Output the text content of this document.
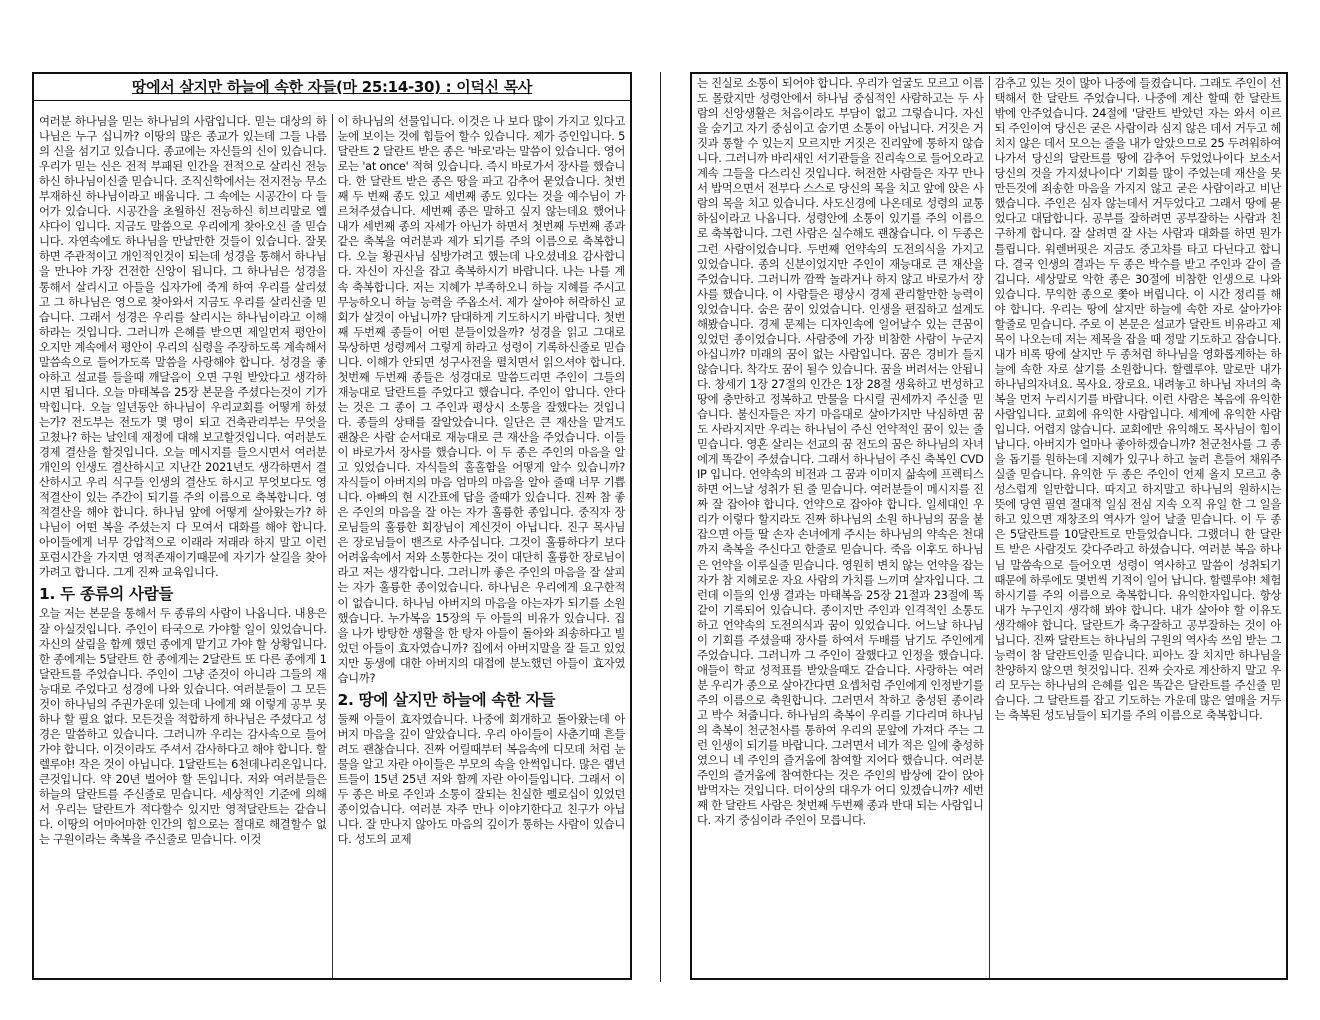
땅에서 살지만 하늘에 속한 자들(마 25:14-30) : 이덕신 목사

여러분 하나님을 믿는 하나님의 사람입니다. 믿는 대상의 하나님은 누구 십니까? 이땅의 많은 종교가 있는데 그들 나름의 신을 섬기고 있습니다. 종교에는 자신들의 신이 있습니다. 우리가 믿는 신은 전적 부패된 인간을 전적으로 살리신 전능하신 하나님이신줄 믿습니다. 조직신학에서는 전지전능 무소부재하신 하나님이라고 배웁니다. 그 속에는 시공간이 다 들어가 있습니다. 시공간을 초월하신 전능하신 히브리말로 엘샤다이 입니다. 지금도 말씀으로 우리에게 찾아오신 줄 믿습니다. 자연속에도 하나님을 만날만한 것들이 있습니다. 잘못하면 주관적이고 개인적인것이 되는데 성경을 통해서 하나님을 만나야 가장 건전한 신앙이 됩니다. 그 하나님은 성경을 통해서 살리시고 아들을 십자가에 죽게 하여 우리를 살리셨고 그 하나님은 영으로 찾아와서 지금도 우리를 살리신줄 믿습니다. 그래서 성경은 우리를 살리시는 하나님이라고 이해하라는 것입니다. 그러니까 은혜를 받으면 제일먼저 평안이 오지만 계속에서 평안이 우리의 심령을 주장하도록 계속해서 말씀속으로 들어가도록 말씀을 사랑해야 합니다. 성경을 좋아하고 설교를 들을때 깨달음이 오면 구원 받았다고 생각하시면 됩니다. 오늘 마태복음 25장 본문을 주셨다는것이 기가 막힙니다. 오늘 일년동안 하나님이 우리교회를 어떻게 하셨는가? 전도부는 전도가 몇 명이 되고 건축관리부는 무엇을 고쳤나? 하는 날인데 재정에 대해 보고할것입니다. 여러분도 경제 결산을 할것입니다. 오늘 메시지를 들으시면서 여러분 개인의 인생도 결산하시고 지난간 2021년도 생각하면서 결산하시고 우리 식구들 인생의 결산도 하시고 무엇보다도 영적결산이 있는 주간이 되기를 주의 이름으로 축복합니다. 영적결산을 해야 합니다. 하나님 앞에 어떻게 살아왔는가? 하나님이 어떤 복을 주셨는지 다 모여서 대화를 해야 합니다. 아이들에게 너무 강압적으로 이래라 저래라 하지 말고 이런 포럼시간을 가지면 영적존재이기때문에 자기가 살길을 찾아가려고 합니다. 그게 진짜 교육입니다.

1. 두 종류의 사람들

오늘 저는 본문을 통해서 두 종류의 사람이 나옵니다. 내용은 잘 아실것입니다. 주인이 타국으로 가야할 일이 있었습니다. 자신의 살림을 함께 했던 종에게 맡기고 가야 할 상황입니다. 한 종에게는 5달란트 한 종에게는 2달란트 또 다른 종에게 1달란트를 주었습니다. 주인이 그냥 준것이 아니라 그들의 재능대로 주었다고 성경에 나와 있습니다. 여러분들이 그 모든것이 하나님의 주권가운데 있는데 나에게 왜 이렇게 공부 못하나 할 필요 없다. 모든것을 적합하게 하나님은 주셨다고 성경은 말씀하고 있습니다. 그러니까 우리는 감사속으로 들어가야 합니다. 이것이라도 주셔서 감사하다고 해야 합니다. 할렐루야! 작은 것이 아닙니다. 1달란트는 6천데나리온입니다. 큰것입니다. 약 20년 벌어야 할 돈입니다. 저와 여러분들은 하늘의 달란트를 주신줄로 믿습니다. 세상적인 기준에 의해서 우리는 달란트가 적다할수 있지만 영적달란트는 같습니다. 이땅의 어마어마한 인간의 힘으로는 절대로 해결할수 없는 구원이라는 축복을 주신줄로 믿습니다. 이것

이 하나님의 선물입니다. 이것은 나 보다 많이 가지고 있다고 눈에 보이는 것에 힘들어 할수 있습니다. 제가 증인입니다. 5달란트 2 달란트 받은 종은 '바로'라는 말씀이 있습니다. 영어로는 'at once' 적혀 있습니다. 즉시 바로가서 장사를 했습니다. 한 달란트 받은 종은 땅을 파고 감추어 묻었습니다. 첫번째 두 번째 종도 있고 세번째 종도 있다는 것을 예수님이 가르쳐주셨습니다. 세번째 종은 말하고 싶지 않는데요 했어나 내가 세번째 종의 자세가 아닌가 하면서 첫번째 두번째 종과 같은 축복을 여러분과 제가 되기를 주의 이름으로 축복합니다. 오늘 황권사님 심방가려고 했는데 나오셨네요 감사합니다. 자신이 자신을 잡고 축복하시기 바랍니다. 나는 나를 계속 축복합니다. 저는 지혜가 부족하오니 하늘 지혜를 주시고 무능하오니 하늘 능력을 주옵소서. 제가 살아야 허락하신 교회가 살것이 아닙니까? 담대하게 기도하시기 바랍니다. 첫번째 두번째 종들이 어떤 분들이었을까? 성경을 읽고 그대로 묵상하면 성령께서 그렇게 하라고 성령이 기록하신줄로 믿습니다. 이해가 안되면 성구사전을 펼치면서 읽으셔야 합니다. 첫번째 두번째 종들은 성경대로 말씀드리면 주인이 그들의 재능대로 달란트를 주었다고 했습니다. 주인이 압니다. 안다는 것은 그 종이 그 주인과 평상시 소통을 잘했다는 것입니다. 종들의 상태를 잘알았습니다. 일단은 큰 재산을 맡겨도 괜찮은 사람 순서대로 재능대로 큰 재산을 주었습니다. 이들이 바로가서 장사를 했습니다. 이 두 종은 주인의 마음을 알고 있었습니다. 자식들의 홀홀함을 어떻게 알수 있습니까? 자식들이 아버지의 마음 엄마의 마음을 알아 줄때 너무 기쁩니다. 아빠의 현 시간표에 답을 줄때가 있습니다. 진짜 참 좋은 주인의 마음을 잘 아는 자가 훌륭한 종입니다. 중직자 장로님들의 훌륭한 회장님이 계신것이 아닙니다. 진구 목사님은 장로님들이 밴즈로 사주십니다. 그것이 훌륭하다기 보다 어려움속에서 저와 소통한다는 것이 대단히 훌륭한 장로님이라고 저는 생각합니다. 그러니까 좋은 주인의 마음을 잘 살피는 자가 훌륭한 종이었습니다. 하나님은 우리에게 요구한적이 없습니다. 하나님 아버지의 마음을 아는자가 되기를 소원했습니다. 누가복음 15장의 두 아들의 비유가 있습니다. 집을 나가 방탕한 생활을 한 탕자 아들이 돌아와 죄송하다고 빌었던 아들이 효자였습니까? 집에서 아버지말을 잘 듣고 있었지만 동생에 대한 아버지의 대접에 분노했던 아들이 효자였습니까?

2. 땅에 살지만 하늘에 속한 자들

둘째 아들이 효자였습니다. 나중에 회개하고 돌아왔는데 아버지 마음을 깊이 알았습니다. 우리 아이들이 사춘기때 흔들려도 괜찮습니다. 진짜 어릴때부터 복음속에 디모데 처럼 눈물을 알고 자란 아이들은 부모의 속을 안썩입니다. 많은 랩넌트들이 15년 25년 저와 함께 자란 아이들입니다. 그래서 이 두 종은 바로 주인과 소통이 잘되는 친실한 펠로십이 있었던 종이었습니다. 여러분 자주 만나 이야기한다고 친구가 아닙니다. 잘 만나지 않아도 마음의 깊이가 통하는 사람이 있습니다. 성도의 교제

는 진실로 소통이 되어야 합니다. 우리가 얼굴도 모르고 이름도 몰랐지만 성령안에서 하나님 중심적인 사람하고는 두 사람의 신앙생활은 처음이라도 부담이 없고 그렇습니다. 자신을 숨기고 자기 중심이고 숨기면 소통이 아닙니다. 거짓은 거짓과 통할 수 있는지 모르지만 거짓은 진리앞에 통하지 않습니다. 그러니까 바리새인 서기관들을 진리속으로 들어오라고 계속 그들을 다스리신 것입니다. 허전한 사람들은 자꾸 만나서 밥먹으면서 전부다 스스로 당신의 목을 치고 앞에 앉은 사람의 목을 치고 있습니다. 사도신경에 나온데로 성령의 교통하심이라고 나옵니다. 성령안에 소통이 있기를 주의 이름으로 축복합니다. 그런 사람은 실수해도 괜찮습니다. 이 두종은 그런 사람이었습니다. 두번째 언약속의 도전의식을 가지고 있었습니다. 종의 신분이었지만 주인이 재능대로 큰 재산을 주었습니다. 그러니까 깜짝 놀라거나 하지 않고 바로가서 장사를 했습니다. 이 사람들은 평상시 경제 관리할만한 능력이 있었습니다. 숨은 꿈이 있었습니다. 인생을 편집하고 설계도 해봤습니다. 경제 문제는 디자인속에 일어날수 있는 큰꿈이 있었던 종이었습니다. 사람중에 가장 비참한 사람이 누군지 아십니까? 미래의 꿈이 없는 사람입니다. 꿈은 경비가 들지 않습니다. 착각도 꿈이 될수 있습니다. 꿈을 버려서는 안됩니다. 창세기 1장 27절의 인간은 1장 28절 생육하고 번성하고 땅에 충만하고 정복하고 만물을 다시릴 권세까지 주신줄 믿습니다. 불신자들은 자기 마음대로 살아가지만 낙심하면 꿈도 사라지지만 우리는 하나님이 주신 언약적인 꿈이 있는 줄 믿습니다. 영혼 살리는 선교의 꿈 전도의 꿈은 하나님의 자녀에게 똑같이 주셨습니다. 그래서 하나님이 주신 축복인 CVDIP 입니다. 언약속의 비전과 그 꿈과 이미지 삶속에 프렉티스하면 어느날 성취가 된 줄 믿습니다. 여러분들이 메시지를 진짜 잘 잡아야 합니다. 언약으로 잡아야 합니다. 일세대인 우리가 이렇다 할지라도 진짜 하나님의 소원 하나님의 꿈을 붙잡으면 아들 딸 손자 손녀에게 주시는 하나님의 약속은 천대까지 축복을 주신다고 한줄로 믿습니다. 죽음 이후도 하나님은 언약을 이루실줄 믿습니다. 영원히 변치 않는 언약을 잡는 자가 참 지혜로운 자요 사람의 가치를 느끼며 살자입니다. 그런데 이들의 인생 결과는 마태복음 25장 21절과 23절에 똑 같이 기록되어 있습니다. 종이지만 주인과 인격적인 소통도 하고 언약속의 도전의식과 꿈이 있었습니다. 어느날 하나님이 기회를 주셨을때 장사를 하여서 두배를 남기도 주인에게 주었습니다. 그러니까 그 주인이 잘했다고 인정을 했습니다. 애들이 학교 성적표를 받았을때도 같습니다. 사랑하는 여러분 우리가 종으로 살아간다면 요셉처럼 주인에게 인정받기를 주의 이름으로 축원합니다. 그러면서 착하고 충성된 종이라고 박수 쳐줍니다. 하나님의 축복이 우리를 기다리며 하나님의 축복이 천군천사를 통하여 우리의 문앞에 가져다 주는 그런 인생이 되기를 바랍니다. 그러면서 네가 적은 일에 충성하였으니 네 주인의 즐거움에 참여할 지어다 했습니다. 여러분 주인의 즐거움에 참여한다는 것은 주인의 밥상에 같이 앉아 밥먹자는 것입니다. 더이상의 대우가 어디 있겠습니까? 세번째 한 달란트 사람은 첫번째 두번째 종과 반대 되는 사람입니다. 자기 중심이라 주인이 모릅니다.

감추고 있는 것이 많아 나중에 들켰습니다. 그래도 주인이 선택해서 한 달란트 주었습니다. 나중에 계산 할때 한 달란트 밖에 안주었습니다. 24절에 '달란트 받았던 자는 와서 이르되 주인이여 당신은 굳은 사람이라 심지 않은 데서 거두고 헤치지 않은 데서 모으는 줄을 내가 알았으므로 25 두려워하여 나가서 당신의 달란트를 땅에 감추어 두었었나이다 보소서 당신의 것을 가지셨나이다' 기회를 많이 주었는데 재산을 못만든것에 죄송한 마음을 가지지 않고 굳은 사람이라고 비난했습니다. 주인은 심자 않는데서 거두었다고 그래서 땅에 묻었다고 대답합니다. 공부를 잘하려면 공부잘하는 사람과 친구하게 합니다. 잘 살려면 잘 사는 사람과 대화를 하면 뭔가 틀립니다. 워렌버핏은 지금도 중고차를 타고 다닌다고 합니다. 결국 인생의 결과는 두 종은 박수를 받고 주인과 같이 즐깁니다. 세상말로 악한 종은 30절에 비참한 인생으로 나와 있습니다. 무익한 종으로 쫓아 버립니다. 이 시간 정리를 해야 합니다. 우리는 땅에 살지만 하늘에 속한 자로 살아가야 할줄로 믿습니다. 주로 이 본문은 설교가 달란트 비유라고 제목이 나오는데 저는 제목을 잡을 때 정말 기도하고 잡습니다. 내가 비록 땅에 살지만 두 종처럼 하나님을 영화롭게하는 하늘에 속한 자로 살기를 소원합니다. 할렐루야. 말로만 내가 하나님의자녀요. 목사요. 장로요. 내려놓고 하나님 자녀의 축복을 먼저 누리시기를 바랍니다. 이런 사람은 복음에 유익한 사람입니다. 교회에 유익한 사람입니다. 세계에 유익한 사람입니다. 어렵지 않습니다. 교회에만 유익해도 목사님이 힘이 납니다. 아버지가 얼마나 좋아하겠습니까? 천군천사를 그 종을 돕기를 원하는데 지혜가 있구나 하고 눌러 흔들어 채워주실줄 믿습니다. 유익한 두 종은 주인이 언제 올지 모르고 충성스럽게 일만합니다. 따지고 하지말고 하나님의 원하시는 뜻에 당연 필연 절대적 일심 전심 지속 오직 유일 한 그 일을 하고 있으면 재창조의 역사가 일어 날줄 믿습니다. 이 두 종은 5달란트를 10달란트로 만들었습니다. 그랬더니 한 달란트 받은 사람것도 갖다주라고 하셨습니다. 여러분 복음 하나님 말씀속으로 들어오면 성령이 역사하고 말씀이 성취되기 때문에 하루에도 몇번씩 기적이 일어 납니다. 할렐루야! 체험하시기를 주의 이름으로 축복합니다. 유익한자입니다. 항상 내가 누구인지 생각해 봐야 합니다. 내가 살아야 할 이유도 생각해야 합니다. 달란트가 축구잘하고 공부잘하는 것이 아닙니다. 진짜 달란트는 하나님의 구원의 역사속 쓰임 받는 그 능력이 참 달란트인줄 믿습니다. 피아노 잘 치지만 하나님을 찬양하지 않으면 헛것입니다. 진짜 숫자로 계산하지 말고 우리 모두는 하나님의 은혜를 입은 똑같은 달란트를 주신줄 믿습니다. 그 달란트를 잡고 기도하는 가운데 많은 열매을 거두는 축복된 성도님들이 되기를 주의 이름으로 축복합니다.
